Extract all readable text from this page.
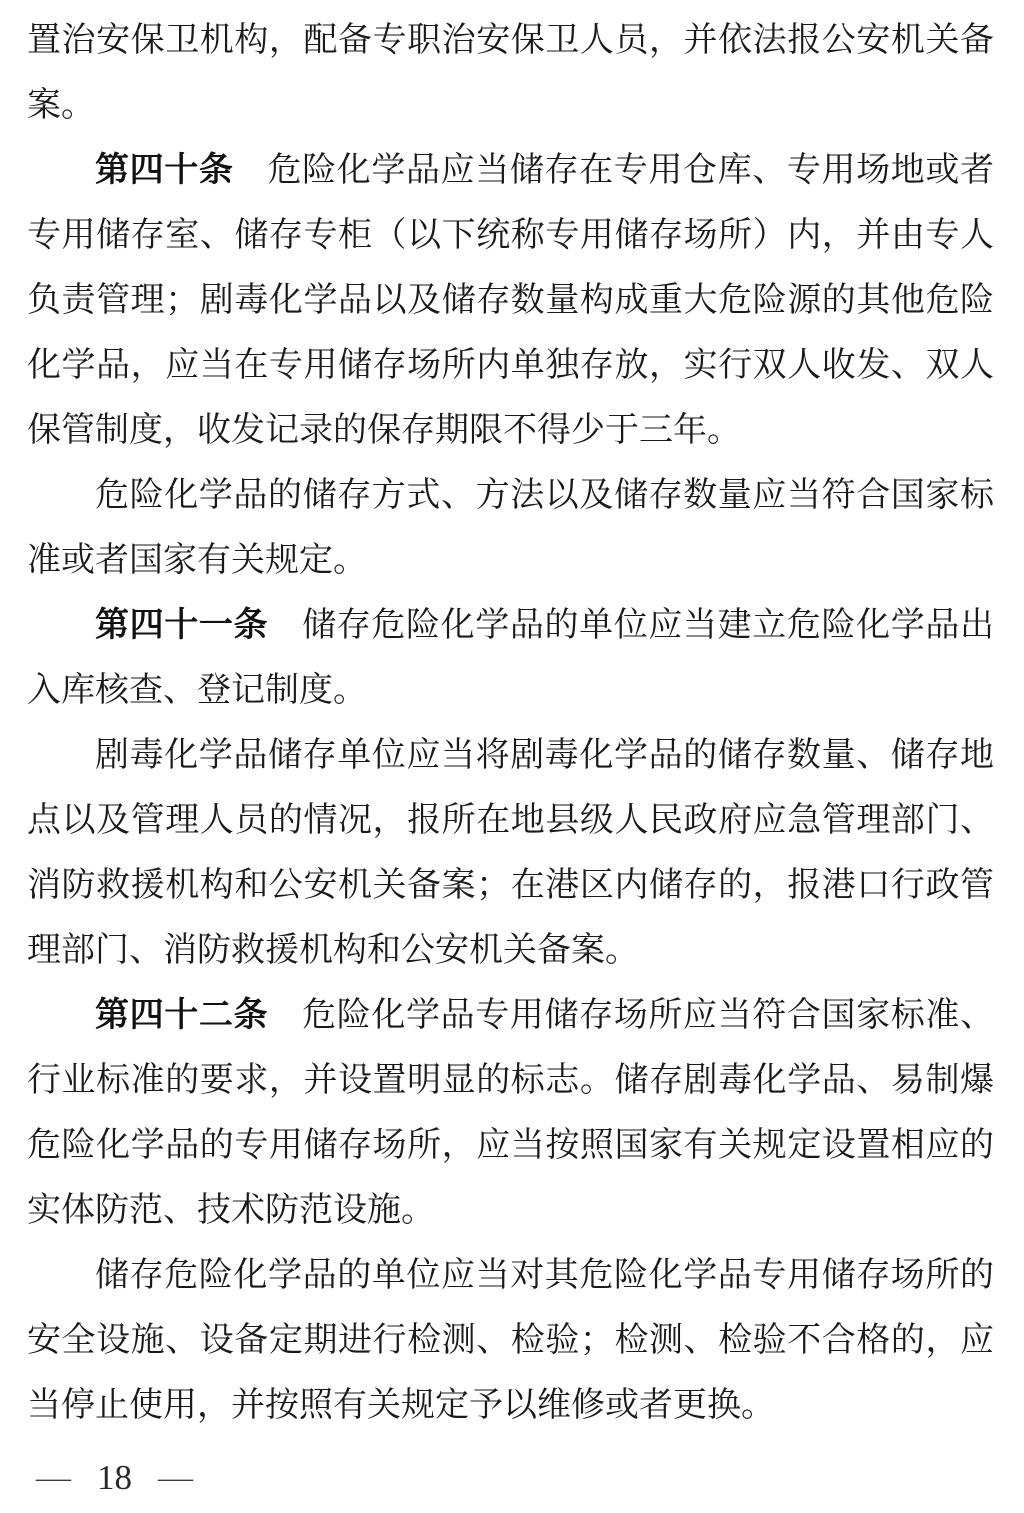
置治安保卫机构，配备专职治安保卫人员，并依法报公安机关备案。

第四十条 危险化学品应当储存在专用仓库、专用场地或者专用储存室、储存专柜（以下统称专用储存场所）内，并由专人负责管理；剧毒化学品以及储存数量构成重大危险源的其他危险化学品，应当在专用储存场所内单独存放，实行双人收发、双人保管制度，收发记录的保存期限不得少于三年。

危险化学品的储存方式、方法以及储存数量应当符合国家标准或者国家有关规定。

第四十一条 储存危险化学品的单位应当建立危险化学品出入库核查、登记制度。

剧毒化学品储存单位应当将剧毒化学品的储存数量、储存地点以及管理人员的情况，报所在地县级人民政府应急管理部门、消防救援机构和公安机关备案；在港区内储存的，报港口行政管理部门、消防救援机构和公安机关备案。

第四十二条 危险化学品专用储存场所应当符合国家标准、行业标准的要求，并设置明显的标志。储存剧毒化学品、易制爆危险化学品的专用储存场所，应当按照国家有关规定设置相应的实体防范、技术防范设施。

储存危险化学品的单位应当对其危险化学品专用储存场所的安全设施、设备定期进行检测、检验；检测、检验不合格的，应当停止使用，并按照有关规定予以维修或者更换。

— 18 —
